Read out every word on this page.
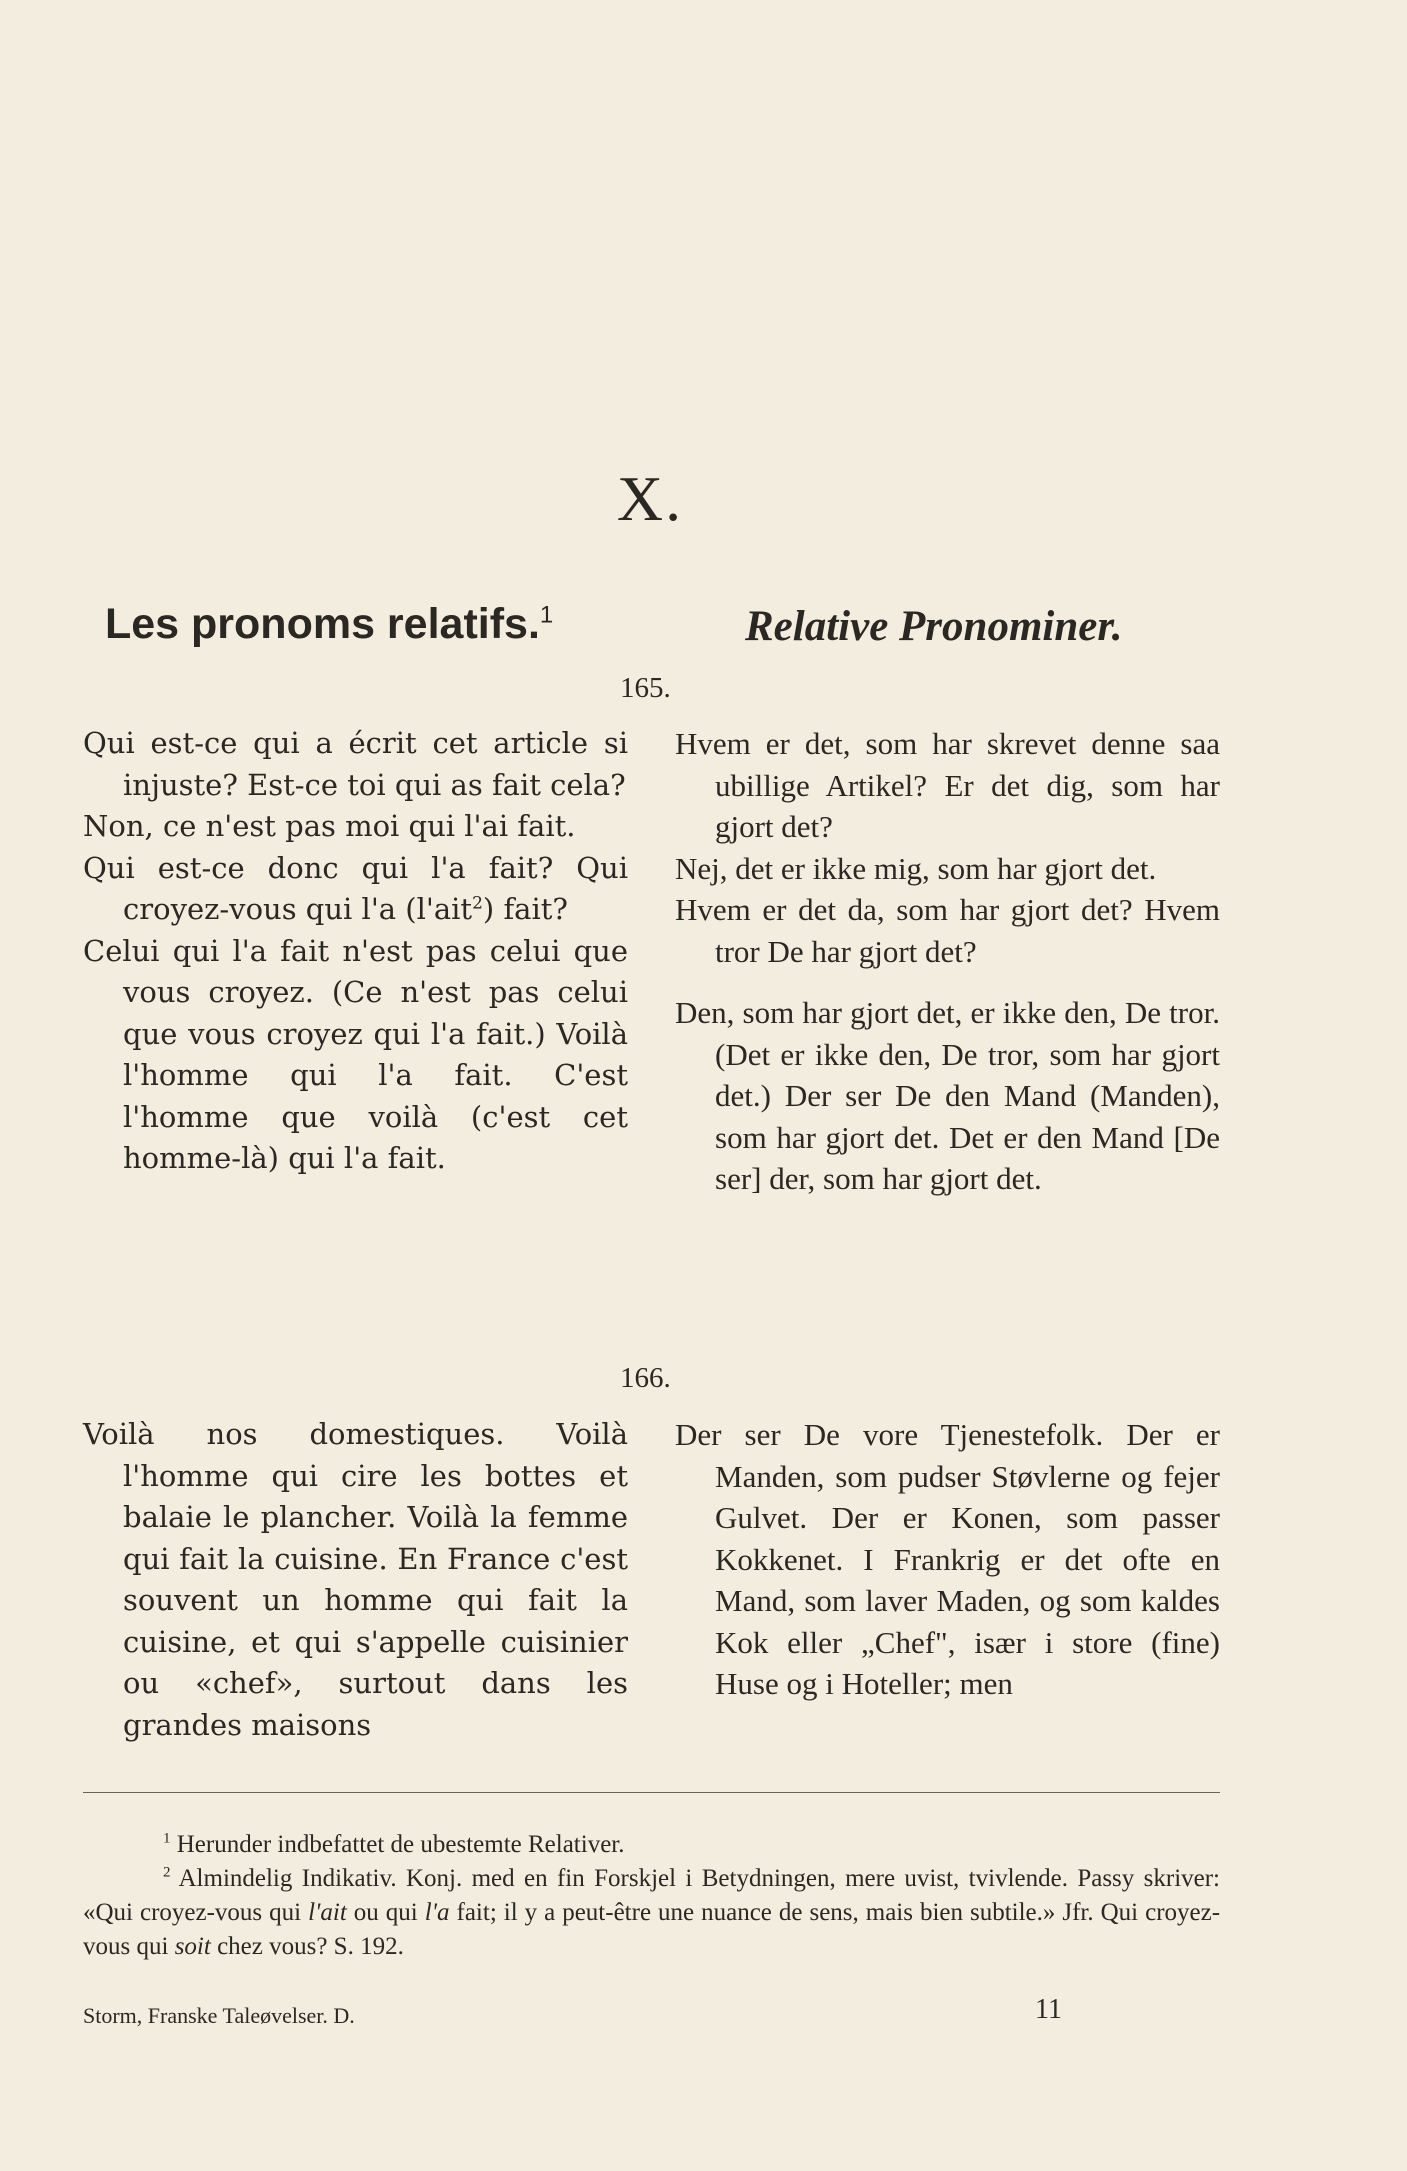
X.
Les pronoms relatifs.$^1$	Relative Pronominer.
165.

Qui est-ce qui a écrit cet article si injuste? Est-ce toi qui as fait cela?

Non, ce n'est pas moi qui l'ai fait.

Qui est-ce donc qui l'a fait? Qui croyez-vous qui l'a (l'ait$^2$) fait?

Celui qui l'a fait n'est pas celui que vous croyez. (Ce n'est pas celui que vous croyez qui l'a fait.) Voilà l'homme qui l'a fait. C'est l'homme que voilà (c'est cet homme-là) qui l'a fait.

Hvem er det, som har skrevet denne saa ubillige Artikel? Er det dig, som har gjort det?

Nej, det er ikke mig, som har gjort det.

Hvem er det da, som har gjort det? Hvem tror De har gjort det?

Den, som har gjort det, er ikke den, De tror. (Det er ikke den, De tror, som har gjort det.) Der ser De den Mand (Manden), som har gjort det. Det er den Mand [De ser] der, som har gjort det.

166.

Voilà nos domestiques. Voilà l'homme qui cire les bottes et balaie le plancher. Voilà la femme qui fait la cuisine. En France c'est souvent un homme qui fait la cuisine, et qui s'appelle cuisinier ou «chef», surtout dans les grandes maisons

Der ser De vore Tjenestefolk. Der er Manden, som pudser Støvlerne og fejer Gulvet. Der er Konen, som passer Kokkenet. I Frankrig er det ofte en Mand, som laver Maden, og som kaldes Kok eller „Chef", især i store (fine) Huse og i Hoteller; men

$^1$ Herunder indbefattet de ubestemte Relativer.
$^2$ Almindelig Indikativ. Konj. med en fin Forskjel i Betydningen, mere uvist, tvivlende. Passy skriver: «Qui croyez-vous qui l'ait ou qui l'a fait; il y a peut-être une nuance de sens, mais bien subtile.» Jfr. Qui croyez-vous qui soit chez vous? S. 192.
Storm, Franske Taleøvelser. D.	11
